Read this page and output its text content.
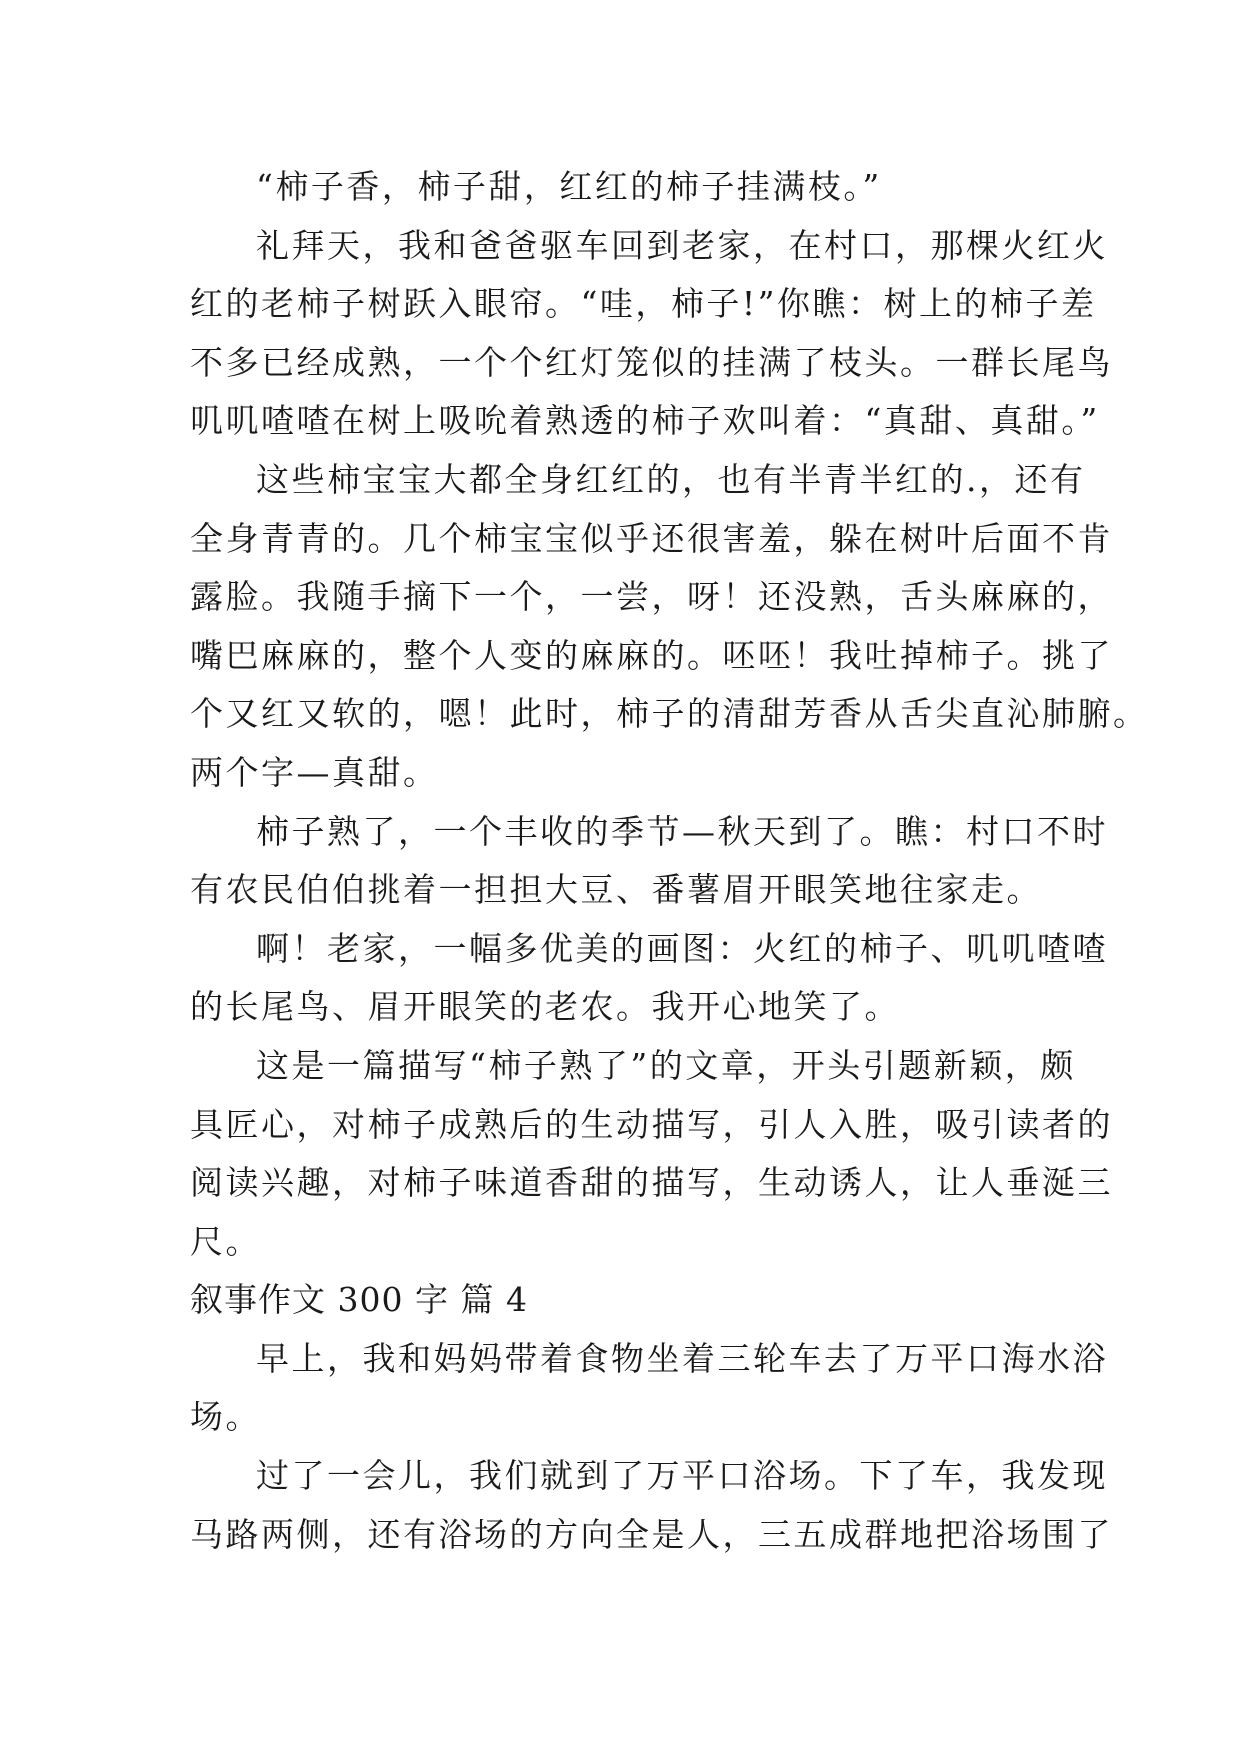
“柿子香，柿子甜，红红的柿子挂满枝。”
礼拜天，我和爸爸驱车回到老家，在村口，那棵火红火
红的老柿子树跃入眼帘。“哇，柿子!”你瞧：树上的柿子差
不多已经成熟，一个个红灯笼似的挂满了枝头。一群长尾鸟
叽叽喳喳在树上吸吮着熟透的柿子欢叫着：“真甜、真甜。”
这些柿宝宝大都全身红红的，也有半青半红的.，还有
全身青青的。几个柿宝宝似乎还很害羞，躲在树叶后面不肯
露脸。我随手摘下一个，一尝，呀！还没熟，舌头麻麻的，
嘴巴麻麻的，整个人变的麻麻的。呸呸！我吐掉柿子。挑了
个又红又软的，嗯！此时，柿子的清甜芳香从舌尖直沁肺腑。
两个字—真甜。
柿子熟了，一个丰收的季节—秋天到了。瞧：村口不时
有农民伯伯挑着一担担大豆、番薯眉开眼笑地往家走。
啊！老家，一幅多优美的画图：火红的柿子、叽叽喳喳
的长尾鸟、眉开眼笑的老农。我开心地笑了。
这是一篇描写“柿子熟了”的文章，开头引题新颖，颇
具匠心，对柿子成熟后的生动描写，引人入胜，吸引读者的
阅读兴趣，对柿子味道香甜的描写，生动诱人，让人垂涎三
尺。
叙事作文 300 字 篇 4
早上，我和妈妈带着食物坐着三轮车去了万平口海水浴
场。
过了一会儿，我们就到了万平口浴场。下了车，我发现
马路两侧，还有浴场的方向全是人，三五成群地把浴场围了
